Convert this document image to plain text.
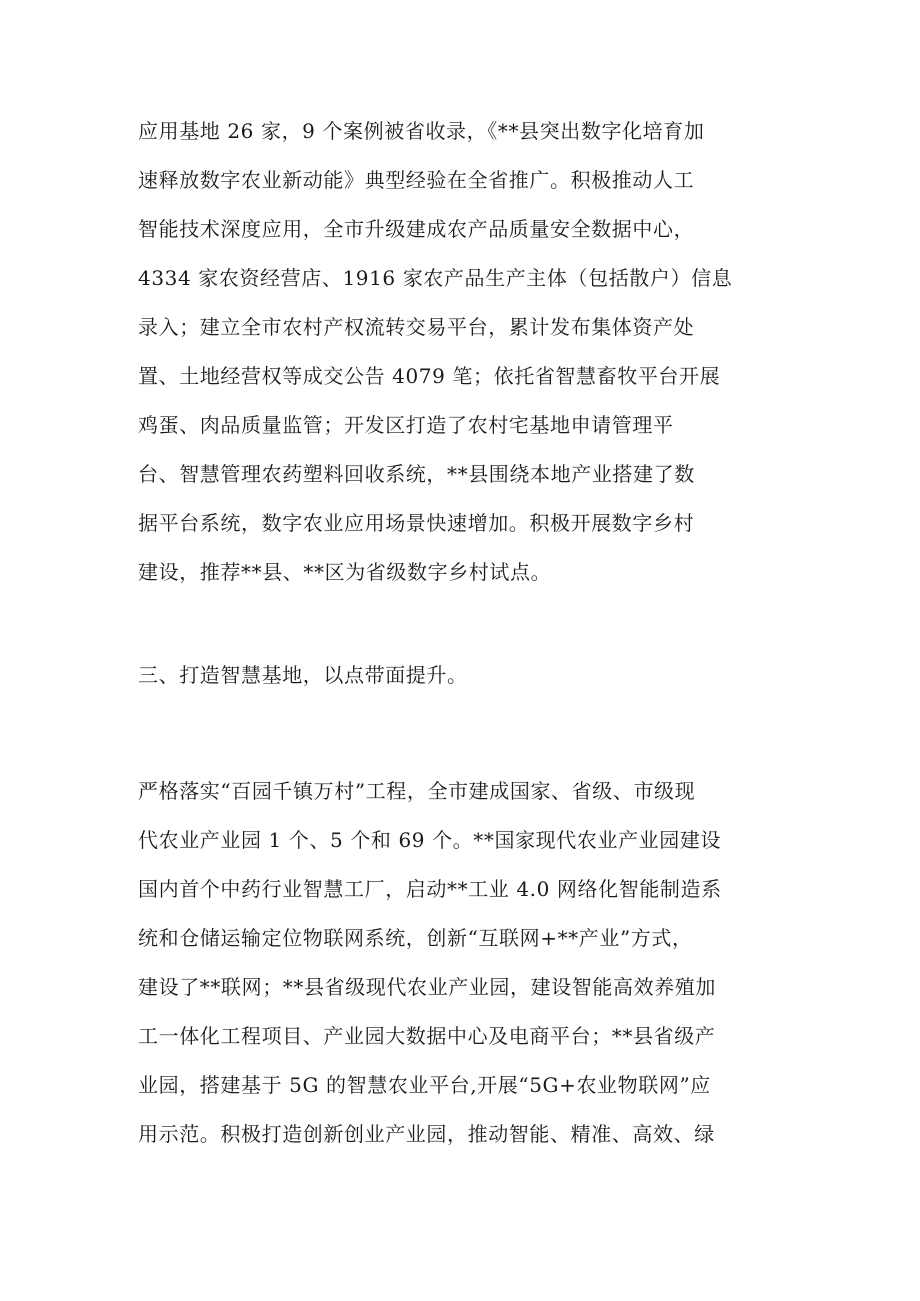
应用基地 26 家，9 个案例被省收录，《**县突出数字化培育加
速释放数字农业新动能》典型经验在全省推广。积极推动人工
智能技术深度应用，全市升级建成农产品质量安全数据中心，
4334 家农资经营店、1916 家农产品生产主体（包括散户）信息
录入；建立全市农村产权流转交易平台，累计发布集体资产处
置、土地经营权等成交公告 4079 笔；依托省智慧畜牧平台开展
鸡蛋、肉品质量监管；开发区打造了农村宅基地申请管理平
台、智慧管理农药塑料回收系统，**县围绕本地产业搭建了数
据平台系统，数字农业应用场景快速增加。积极开展数字乡村
建设，推荐**县、**区为省级数字乡村试点。
三、打造智慧基地，以点带面提升。
严格落实“百园千镇万村”工程，全市建成国家、省级、市级现
代农业产业园 1 个、5 个和 69 个。**国家现代农业产业园建设
国内首个中药行业智慧工厂，启动**工业 4.0 网络化智能制造系
统和仓储运输定位物联网系统，创新“互联网+**产业”方式，
建设了**联网；**县省级现代农业产业园，建设智能高效养殖加
工一体化工程项目、产业园大数据中心及电商平台；**县省级产
业园，搭建基于 5G 的智慧农业平台,开展“5G+农业物联网”应
用示范。积极打造创新创业产业园，推动智能、精准、高效、绿
